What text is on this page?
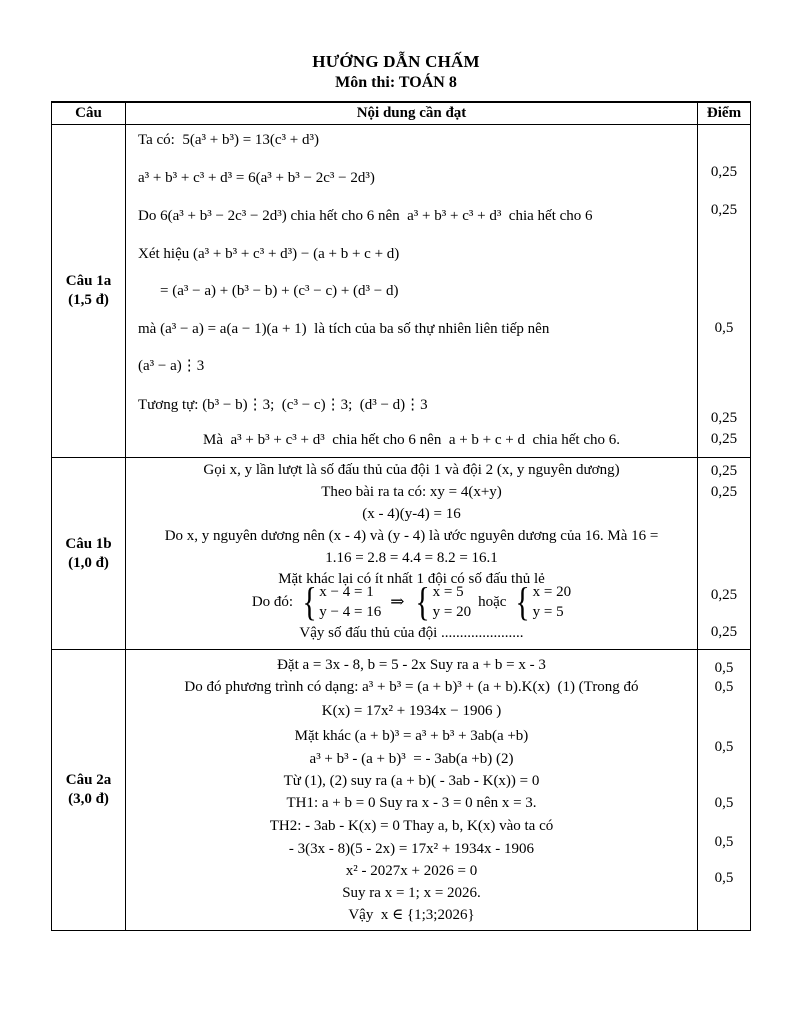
HƯỚNG DẪN CHẤM
Môn thi: TOÁN 8
Câu	Nội dung cần đạt	Điểm
Câu 1a
(1,5 đ)
Ta có:  5(a³ + b³) = 13(c³ + d³)
a³ + b³ + c³ + d³ = 6(a³ + b³ − 2c³ − 2d³)
Do 6(a³ + b³ − 2c³ − 2d³) chia hết cho 6 nên  a³ + b³ + c³ + d³  chia hết cho 6
Xét hiệu (a³ + b³ + c³ + d³) − (a + b + c + d)
= (a³ − a) + (b³ − b) + (c³ − c) + (d³ − d)
mà (a³ − a) = a(a − 1)(a + 1)  là tích của ba số thự nhiên liên tiếp nên
(a³ − a)⋮3
Tương tự: (b³ − b)⋮3;  (c³ − c)⋮3;  (d³ − d)⋮3
Mà  a³ + b³ + c³ + d³  chia hết cho 6 nên  a + b + c + d  chia hết cho 6.
0,25
0,25
0,5
0,25
0,25
Câu 1b
(1,0 đ)
Gọi x, y lần lượt là số đấu thủ của đội 1 và đội 2 (x, y nguyên dương)
Theo bài ra ta có: xy = 4(x+y)
(x - 4)(y-4) = 16
Do x, y nguyên dương nên (x - 4) và (y - 4) là ước nguyên dương của 16. Mà 16 =
1.16 = 2.8 = 4.4 = 8.2 = 16.1
Mặt khác lại có ít nhất 1 đội có số đấu thủ lẻ
Do đó: { x − 4 = 1
y − 4 = 16
⇒ { x = 5
y = 20
hoặc { x = 20
y = 5
Vậy số đấu thủ của đội ......................
0,25
0,25
0,25
0,25
Câu 2a
(3,0 đ)
Đặt a = 3x - 8, b = 5 - 2x Suy ra a + b = x - 3
Do đó phương trình có dạng: a³ + b³ = (a + b)³ + (a + b).K(x)  (1) (Trong đó
K(x) = 17x² + 1934x − 1906 )
Mặt khác (a + b)³ = a³ + b³ + 3ab(a +b)
a³ + b³ - (a + b)³  = - 3ab(a +b) (2)
Từ (1), (2) suy ra (a + b)( - 3ab - K(x)) = 0
TH1: a + b = 0 Suy ra x - 3 = 0 nên x = 3.
TH2: - 3ab - K(x) = 0 Thay a, b, K(x) vào ta có
- 3(3x - 8)(5 - 2x) = 17x² + 1934x - 1906
x² - 2027x + 2026 = 0
Suy ra x = 1; x = 2026.
Vậy  x ∈ {1;3;2026}
0,5
0,5
0,5
0,5
0,5
0,5
